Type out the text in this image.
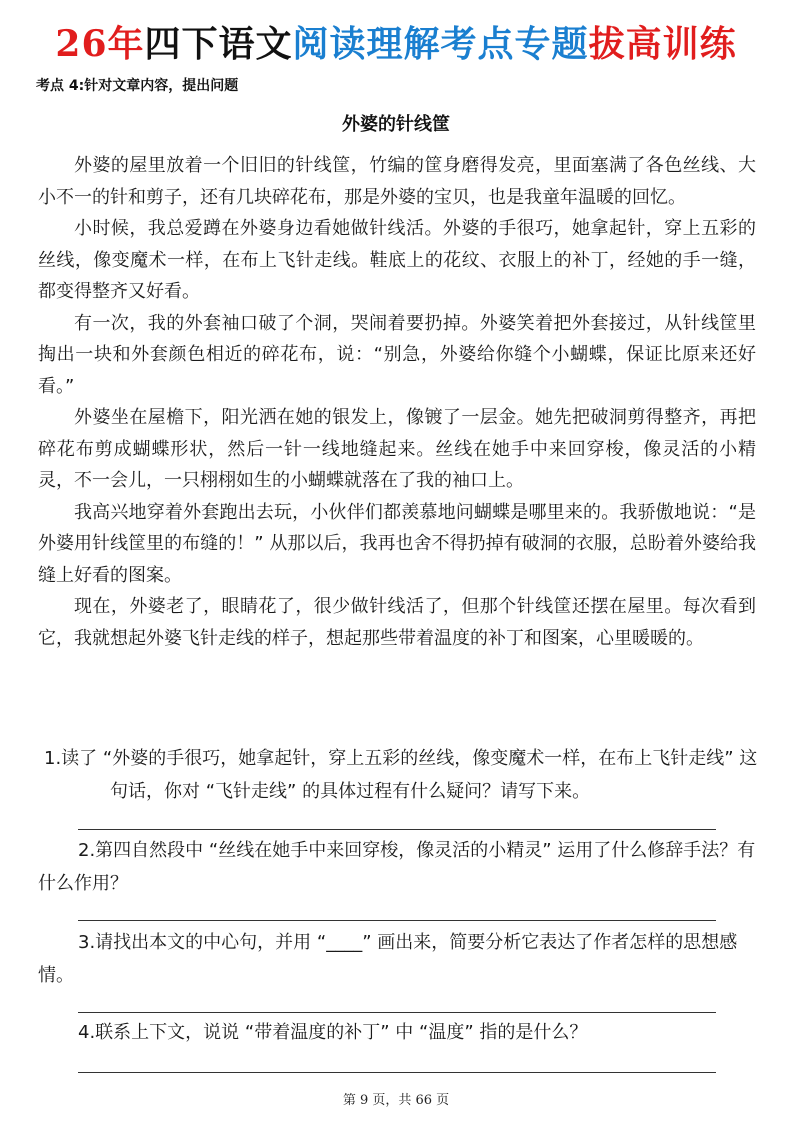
26年四下语文阅读理解考点专题拔高训练
考点 4:针对文章内容，提出问题
外婆的针线筐

外婆的屋里放着一个旧旧的针线筐，竹编的筐身磨得发亮，里面塞满了各色丝线、大小不一的针和剪子，还有几块碎花布，那是外婆的宝贝，也是我童年温暖的回忆。

小时候，我总爱蹲在外婆身边看她做针线活。外婆的手很巧，她拿起针，穿上五彩的丝线，像变魔术一样，在布上飞针走线。鞋底上的花纹、衣服上的补丁，经她的手一缝，都变得整齐又好看。

有一次，我的外套袖口破了个洞，哭闹着要扔掉。外婆笑着把外套接过，从针线筐里掏出一块和外套颜色相近的碎花布，说：“别急，外婆给你缝个小蝴蝶，保证比原来还好看。”

外婆坐在屋檐下，阳光洒在她的银发上，像镀了一层金。她先把破洞剪得整齐，再把碎花布剪成蝴蝶形状，然后一针一线地缝起来。丝线在她手中来回穿梭，像灵活的小精灵，不一会儿，一只栩栩如生的小蝴蝶就落在了我的袖口上。

我高兴地穿着外套跑出去玩，小伙伴们都羡慕地问蝴蝶是哪里来的。我骄傲地说：“是外婆用针线筐里的布缝的！” 从那以后，我再也舍不得扔掉有破洞的衣服，总盼着外婆给我缝上好看的图案。

现在，外婆老了，眼睛花了，很少做针线活了，但那个针线筐还摆在屋里。每次看到它，我就想起外婆飞针走线的样子，想起那些带着温度的补丁和图案，心里暖暖的。

1.读了 “外婆的手很巧，她拿起针，穿上五彩的丝线，像变魔术一样，在布上飞针走线” 这句话，你对 “飞针走线” 的具体过程有什么疑问？请写下来。
2.第四自然段中 “丝线在她手中来回穿梭，像灵活的小精灵” 运用了什么修辞手法？有什么作用？
3.请找出本文的中心句，并用 “____” 画出来，简要分析它表达了作者怎样的思想感情。
4.联系上下文，说说 “带着温度的补丁” 中 “温度” 指的是什么？
第 9 页，共 66 页
